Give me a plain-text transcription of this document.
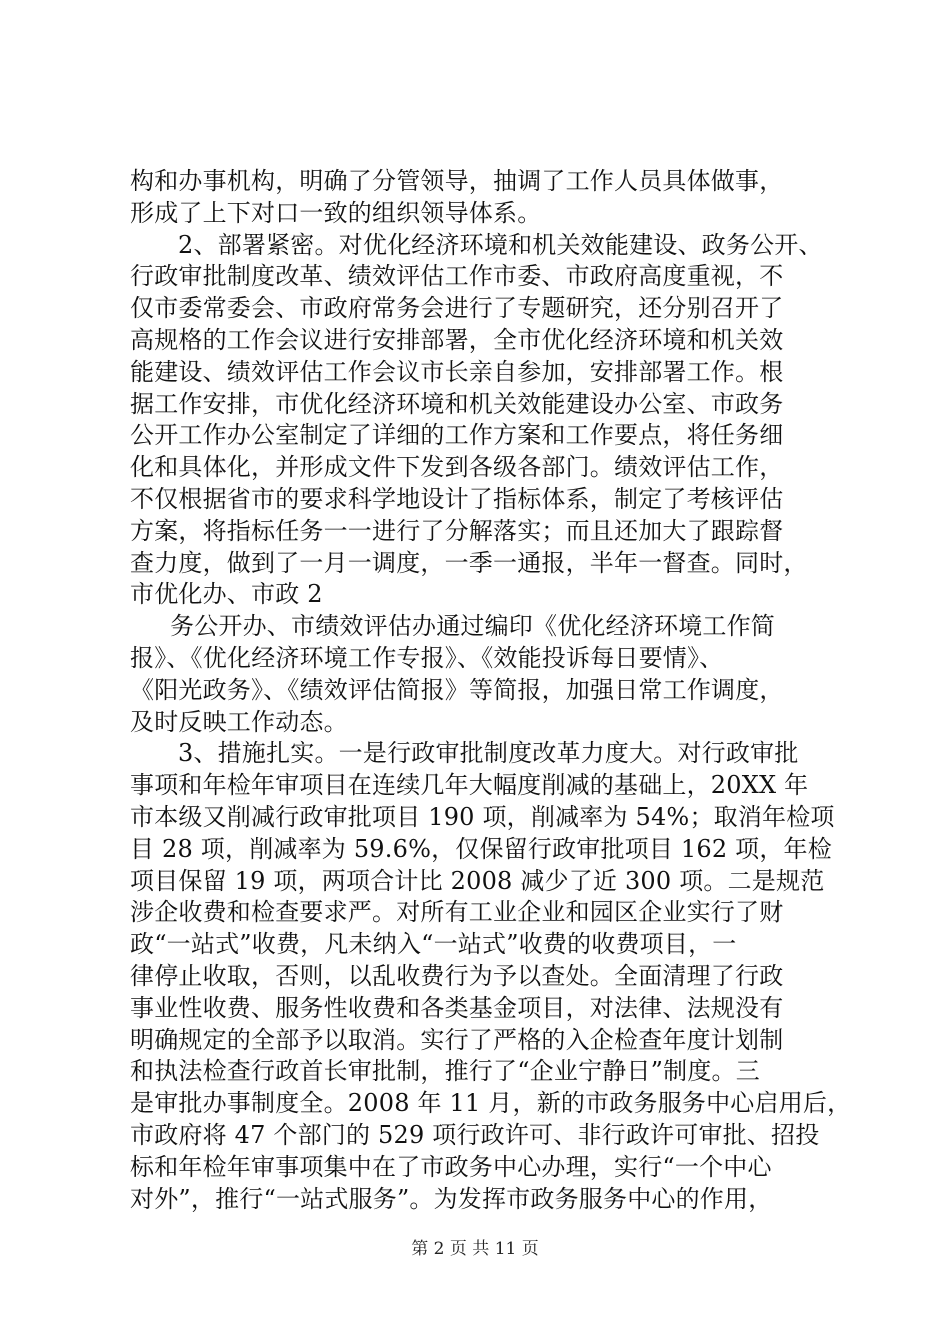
构和办事机构，明确了分管领导，抽调了工作人员具体做事，
形成了上下对口一致的组织领导体系。
2、部署紧密。对优化经济环境和机关效能建设、政务公开、
行政审批制度改革、绩效评估工作市委、市政府高度重视，不
仅市委常委会、市政府常务会进行了专题研究，还分别召开了
高规格的工作会议进行安排部署，全市优化经济环境和机关效
能建设、绩效评估工作会议市长亲自参加，安排部署工作。根
据工作安排，市优化经济环境和机关效能建设办公室、市政务
公开工作办公室制定了详细的工作方案和工作要点，将任务细
化和具体化，并形成文件下发到各级各部门。绩效评估工作，
不仅根据省市的要求科学地设计了指标体系，制定了考核评估
方案，将指标任务一一进行了分解落实；而且还加大了跟踪督
查力度，做到了一月一调度，一季一通报，半年一督查。同时，
市优化办、市政 2
务公开办、市绩效评估办通过编印《优化经济环境工作简
报》、《优化经济环境工作专报》、《效能投诉每日要情》、
《阳光政务》、《绩效评估简报》等简报，加强日常工作调度，
及时反映工作动态。
3、措施扎实。一是行政审批制度改革力度大。对行政审批
事项和年检年审项目在连续几年大幅度削减的基础上，20XX 年
市本级又削减行政审批项目 190 项，削减率为 54%；取消年检项
目 28 项，削减率为 59.6%，仅保留行政审批项目 162 项，年检
项目保留 19 项，两项合计比 2008 减少了近 300 项。二是规范
涉企收费和检查要求严。对所有工业企业和园区企业实行了财
政“一站式”收费，凡未纳入“一站式”收费的收费项目，一
律停止收取，否则，以乱收费行为予以查处。全面清理了行政
事业性收费、服务性收费和各类基金项目，对法律、法规没有
明确规定的全部予以取消。实行了严格的入企检查年度计划制
和执法检查行政首长审批制，推行了“企业宁静日”制度。三
是审批办事制度全。2008 年 11 月，新的市政务服务中心启用后，
市政府将 47 个部门的 529 项行政许可、非行政许可审批、招投
标和年检年审事项集中在了市政务中心办理，实行“一个中心
对外”，推行“一站式服务”。为发挥市政务服务中心的作用，
第 2 页 共 11 页
